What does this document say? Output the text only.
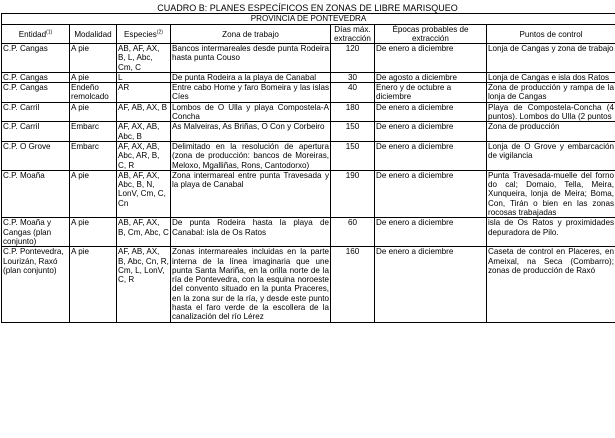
CUADRO B: PLANES ESPECÍFICOS EN ZONAS DE LIBRE MARISQUEO
PROVINCIA DE PONTEVEDRA						
Entidad$^{(1)}$	Modalidad	Especies$^{(2)}$	Zona de trabajo	Días máx. extracción	Épocas probables de extracción	Puntos de control
C.P. Cangas	A pie	AB, AF, AX, B, L, Abc, Cm, C	Bancos intermareales desde punta Rodeira hasta punta Couso	120	De enero a diciembre	Lonja de Cangas y zona de trabajo
C.P. Cangas	A pie	L	De punta Rodeira a la playa de Canabal	30	De agosto a diciembre	Lonja de Cangas e isla dos Ratos
C.P. Cangas	Endeño remolcado	AR	Entre cabo Home y faro Bomeira y las islas Cíes	40	Enero y de octubre a diciembre	Zona de producción y rampa de la lonja de Cangas
C.P. Carril	A pie	AF, AB, AX, B	Lombos de O Ulla y playa Compostela-A Concha	180	De enero a diciembre	Playa de Compostela-Concha (4 puntos). Lombos do Ulla (2 puntos
C.P. Carril	Embarc	AF, AX, AB, Abc, B	As Malveiras, As Briñas, O Con y Corbeiro	150	De enero a diciembre	Zona de producción
C.P. O Grove	Embarc	AF, AX, AB, Abc, AR, B, C, R	Delimitado en la resolución de apertura (zona de producción: bancos de Moreiras, Meloxo, Mgalliñas, Rons, Cantodorxo)	150	De enero a diciembre	Lonja de O Grove y embarcación de vigilancia
C.P. Moaña	A pie	AB, AF, AX, Abc, B, N, LonV, Cm, C, Cn	Zona intermareal entre punta Travesada y la playa de Canabal	190	De enero a diciembre	Punta Travesada-muelle del forno do cal; Domaio, Tella, Meira, Xunqueira, lonja de Meira; Boma, Con, Tirán o bien en las zonas rocosas trabajadas
C.P. Moaña y Cangas (plan conjunto)	A pie	AB, AF, AX, B, Cm, Abc, C	De punta Rodeira hasta la playa de Canabal: isla de Os Ratos	60	De enero a diciembre	isla de Os Ratos y proximidades depuradora de Pilo.
C.P. Pontevedra, Lourizán, Raxó (plan conjunto)	A pie	AF, AB, AX, B, Abc, Cn, R, Cm, L, LonV, C, R	Zonas intermareales incluidas en la parte interna de la línea imaginaria que une punta Santa Mariña, en la orilla norte de la ría de Pontevedra, con la esquina noroeste del convento situado en la punta Praceres, en la zona sur de la ría, y desde este punto hasta el faro verde de la escollera de la canalización del río Lérez	160	De enero a diciembre	Caseta de control en Placeres, en Ameixal, na Seca (Combarro); zonas de producción de Raxó
